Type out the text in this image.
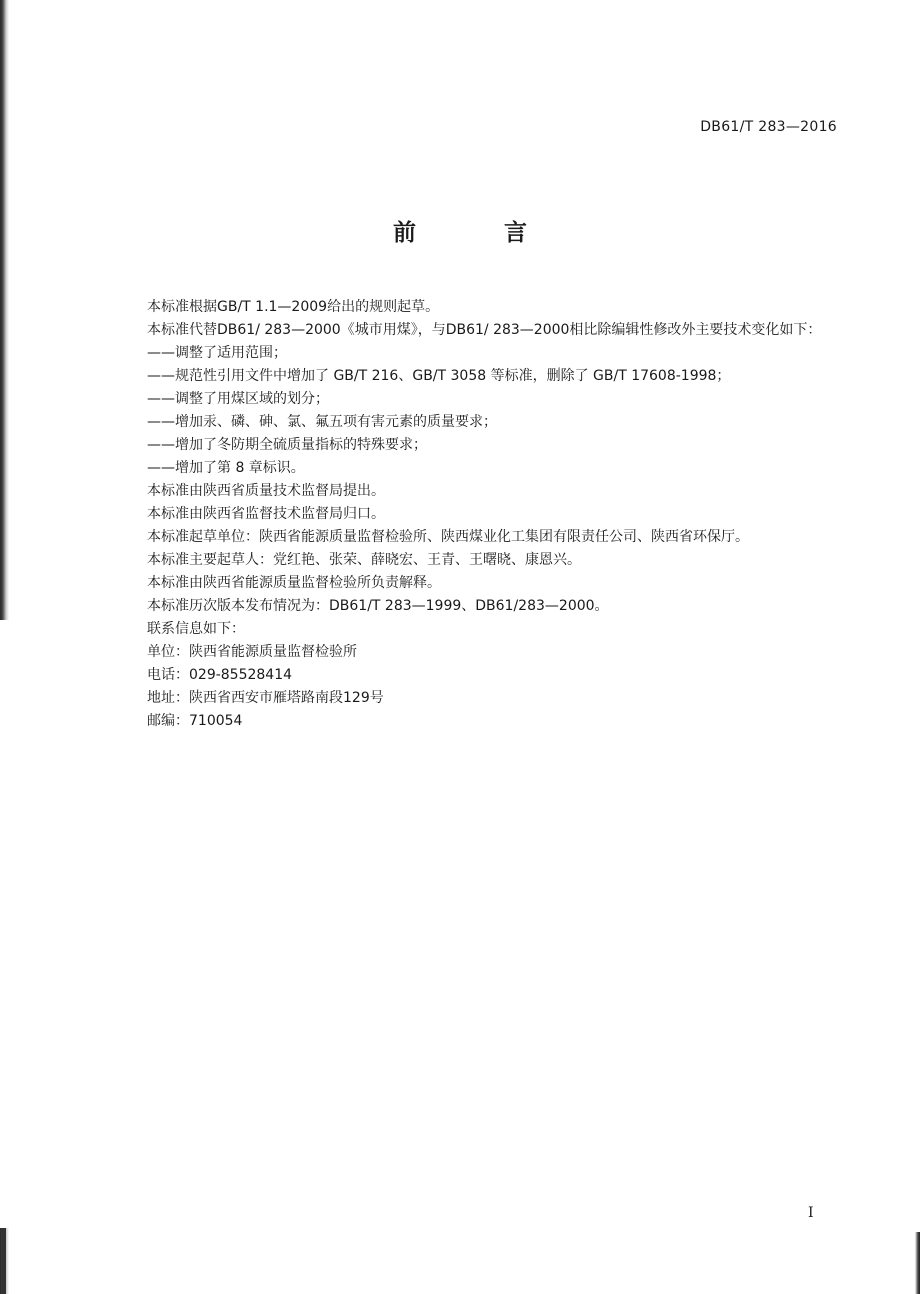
DB61/T 283—2016
前 言

本标准根据GB/T 1.1—2009给出的规则起草。

本标准代替DB61/ 283—2000《城市用煤》，与DB61/ 283—2000相比除编辑性修改外主要技术变化如下：

——调整了适用范围；

——规范性引用文件中增加了 GB/T 216、GB/T 3058 等标准，删除了 GB/T 17608-1998；

——调整了用煤区域的划分；

——增加汞、磷、砷、氯、氟五项有害元素的质量要求；

——增加了冬防期全硫质量指标的特殊要求；

——增加了第 8 章标识。

本标准由陕西省质量技术监督局提出。

本标准由陕西省监督技术监督局归口。

本标准起草单位：陕西省能源质量监督检验所、陕西煤业化工集团有限责任公司、陕西省环保厅。

本标准主要起草人：党红艳、张荣、薛晓宏、王青、王曙晓、康恩兴。

本标准由陕西省能源质量监督检验所负责解释。

本标准历次版本发布情况为：DB61/T 283—1999、DB61/283—2000。

联系信息如下：

单位：陕西省能源质量监督检验所

电话：029-85528414

地址：陕西省西安市雁塔路南段129号

邮编：710054

I
